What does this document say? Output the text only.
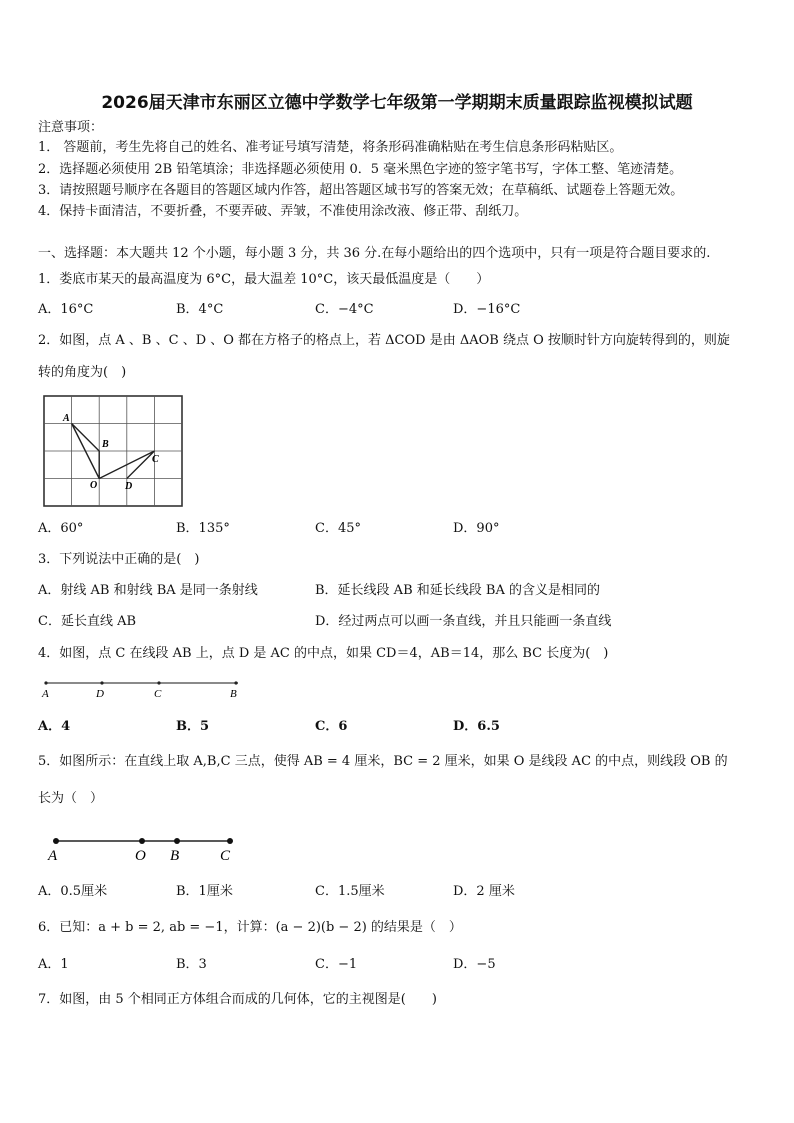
2026届天津市东丽区立德中学数学七年级第一学期期末质量跟踪监视模拟试题
注意事项：
1． 答题前，考生先将自己的姓名、准考证号填写清楚，将条形码准确粘贴在考生信息条形码粘贴区。
2．选择题必须使用 2B 铅笔填涂；非选择题必须使用 0．5 毫米黑色字迹的签字笔书写，字体工整、笔迹清楚。
3．请按照题号顺序在各题目的答题区域内作答，超出答题区域书写的答案无效；在草稿纸、试题卷上答题无效。
4．保持卡面清洁，不要折叠，不要弄破、弄皱，不准使用涂改液、修正带、刮纸刀。
一、选择题：本大题共 12 个小题，每小题 3 分，共 36 分.在每小题给出的四个选项中，只有一项是符合题目要求的.
1．娄底市某天的最高温度为 6°C，最大温差 10°C，该天最低温度是（　　）
A．16°C	B．4°C	C．−4°C	D．−16°C
2．如图，点 A 、B 、C 、D 、O 都在方格子的格点上，若 ΔCOD 是由 ΔAOB 绕点 O 按顺时针方向旋转得到的，则旋
转的角度为(　)
A
B
C
O	D
A．60°	B．135°	C．45°	D．90°
3．下列说法中正确的是(　)
A．射线 AB 和射线 BA 是同一条射线	B．延长线段 AB 和延长线段 BA 的含义是相同的
C．延长直线 AB	D．经过两点可以画一条直线，并且只能画一条直线
4．如图，点 C 在线段 AB 上，点 D 是 AC 的中点，如果 CD＝4，AB＝14，那么 BC 长度为(　)
A	D	C	B
A．4	B．5	C．6	D．6.5
5．如图所示：在直线上取 A,B,C 三点，使得 AB = 4 厘米，BC = 2 厘米，如果 O 是线段 AC 的中点，则线段 OB 的
长为（　）
A	O B	C
A．0.5厘米	B．1厘米	C．1.5厘米	D．2 厘米
6．已知：a + b = 2, ab = −1，计算：(a − 2)(b − 2) 的结果是（　）
A．1	B．3	C．−1	D．−5
7．如图，由 5 个相同正方体组合而成的几何体，它的主视图是(　　)
